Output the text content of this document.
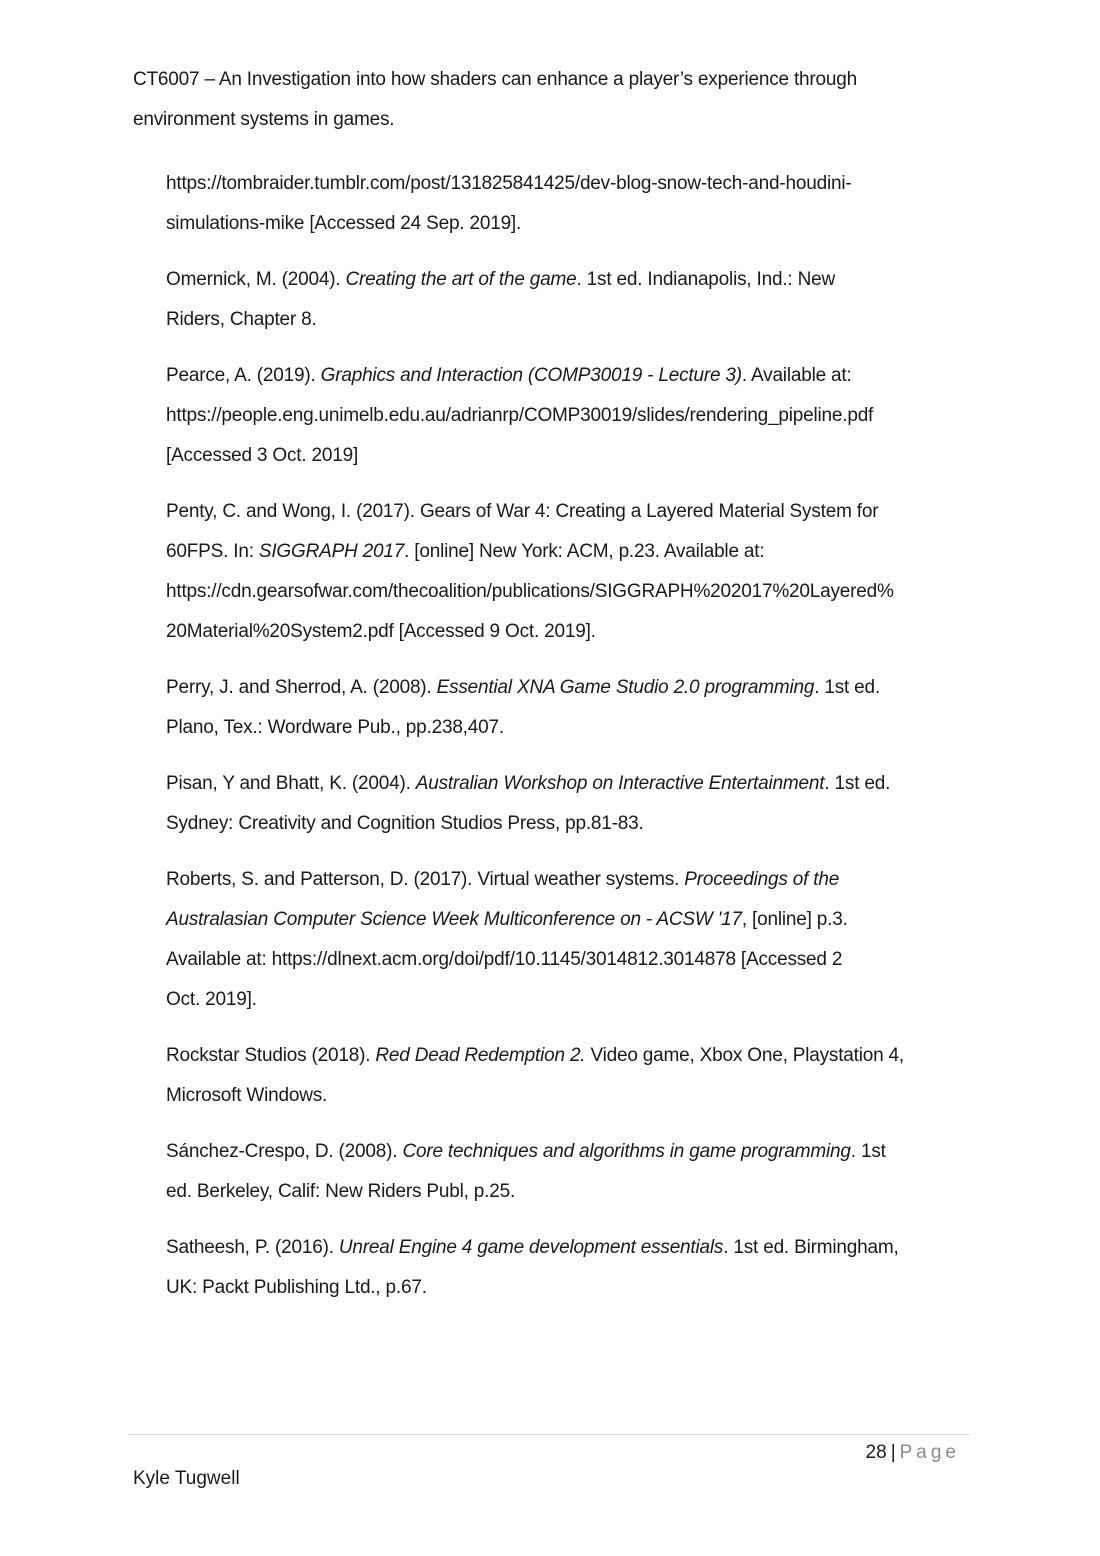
CT6007 – An Investigation into how shaders can enhance a player’s experience through
environment systems in games.
https://tombraider.tumblr.com/post/131825841425/dev-blog-snow-tech-and-houdini-
simulations-mike [Accessed 24 Sep. 2019].
Omernick, M. (2004). Creating the art of the game. 1st ed. Indianapolis, Ind.: New
Riders, Chapter 8.
Pearce, A. (2019). Graphics and Interaction (COMP30019 - Lecture 3). Available at:
https://people.eng.unimelb.edu.au/adrianrp/COMP30019/slides/rendering_pipeline.pdf
[Accessed 3 Oct. 2019]
Penty, C. and Wong, I. (2017). Gears of War 4: Creating a Layered Material System for
60FPS. In: SIGGRAPH 2017. [online] New York: ACM, p.23. Available at:
https://cdn.gearsofwar.com/thecoalition/publications/SIGGRAPH%202017%20Layered%
20Material%20System2.pdf [Accessed 9 Oct. 2019].
Perry, J. and Sherrod, A. (2008). Essential XNA Game Studio 2.0 programming. 1st ed.
Plano, Tex.: Wordware Pub., pp.238,407.
Pisan, Y and Bhatt, K. (2004). Australian Workshop on Interactive Entertainment. 1st ed.
Sydney: Creativity and Cognition Studios Press, pp.81-83.
Roberts, S. and Patterson, D. (2017). Virtual weather systems. Proceedings of the
Australasian Computer Science Week Multiconference on - ACSW '17, [online] p.3.
Available at: https://dlnext.acm.org/doi/pdf/10.1145/3014812.3014878 [Accessed 2
Oct. 2019].
Rockstar Studios (2018). Red Dead Redemption 2. Video game, Xbox One, Playstation 4,
Microsoft Windows.
Sánchez-Crespo, D. (2008). Core techniques and algorithms in game programming. 1st
ed. Berkeley, Calif: New Riders Publ, p.25.
Satheesh, P. (2016). Unreal Engine 4 game development essentials. 1st ed. Birmingham,
UK: Packt Publishing Ltd., p.67.
28 | Page
Kyle Tugwell
